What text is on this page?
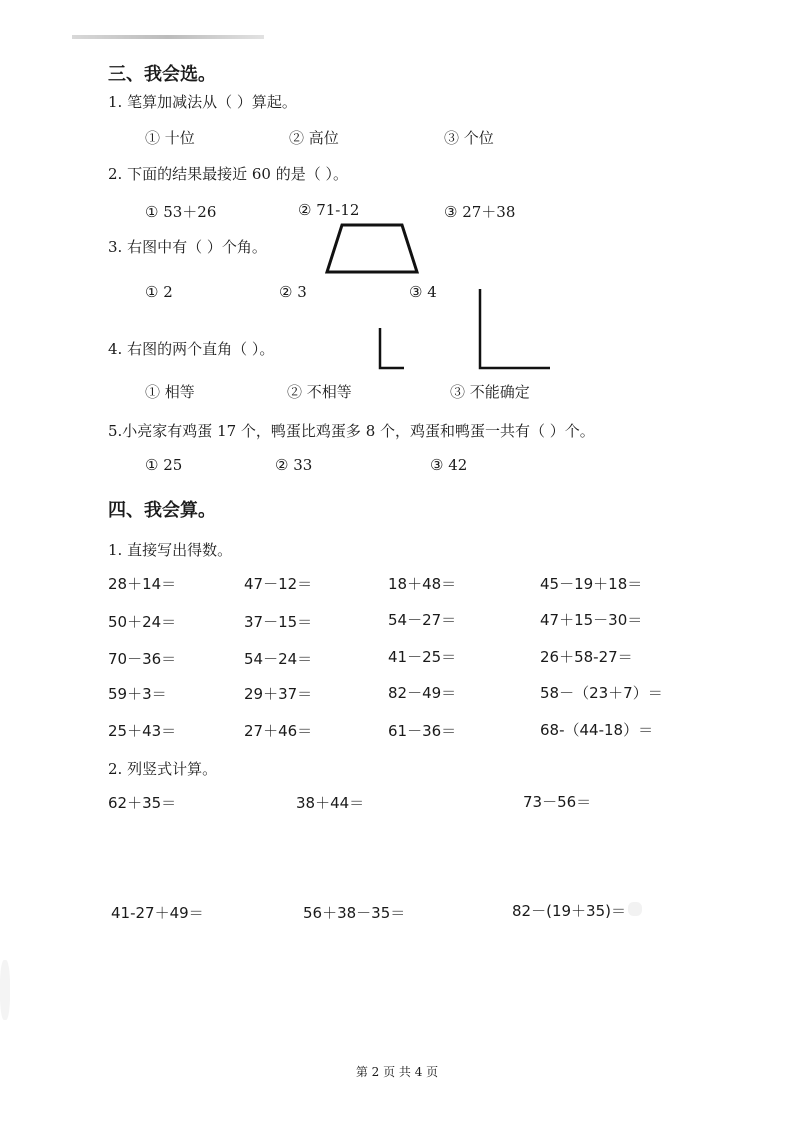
三、我会选。
1. 笔算加减法从（ ）算起。
① 十位	② 高位	③ 个位
2. 下面的结果最接近 60 的是（ ）。
① 53＋26	② 71-12	③ 27＋38
3. 右图中有（ ）个角。
① 2	② 3	③ 4
4. 右图的两个直角（ ）。
① 相等	② 不相等	③ 不能确定
5.小亮家有鸡蛋 17 个，鸭蛋比鸡蛋多 8 个，鸡蛋和鸭蛋一共有（ ）个。
① 25	② 33	③ 42
四、我会算。
1. 直接写出得数。
28＋14＝	47－12＝	18＋48＝	45－19＋18＝
50＋24＝	37－15＝	54－27＝	47＋15－30＝
70－36＝	54－24＝	41－25＝	26＋58-27＝
59＋3＝	29＋37＝	82－49＝	58－（23＋7）＝
25＋43＝	27＋46＝	61－36＝	68-（44-18）＝
2. 列竖式计算。
62＋35＝	38＋44＝	73－56＝
41-27＋49＝	56＋38－35＝	82－(19＋35)＝
第 2 页 共 4 页
